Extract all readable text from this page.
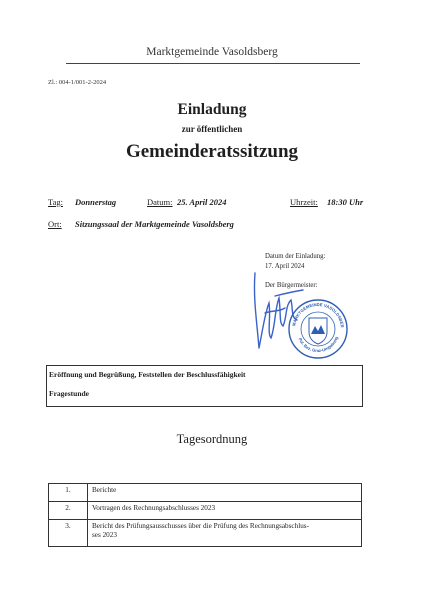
Marktgemeinde Vasoldsberg
Zl.: 004-1/001-2-2024
Einladung
zur öffentlichen
Gemeinderatssitzung
Tag: Donnerstag	Datum: 25. April 2024	Uhrzeit: 18:30 Uhr
Ort: Sitzungssaal der Marktgemeinde Vasoldsberg
Datum der Einladung:
17. April 2024
Der Bürgermeister:
MARKTGEMEINDE VASOLDSBER
Pol. Bez. Graz-Umgebung
Eröffnung und Begrüßung, Feststellen der Beschlussfähigkeit
Fragestunde
Tagesordnung
1.	Berichte
2.	Vortragen des Rechnungsabschlusses 2023
3.	Bericht des Prüfungsausschusses über die Prüfung des Rechnungsabschlus-
ses 2023
